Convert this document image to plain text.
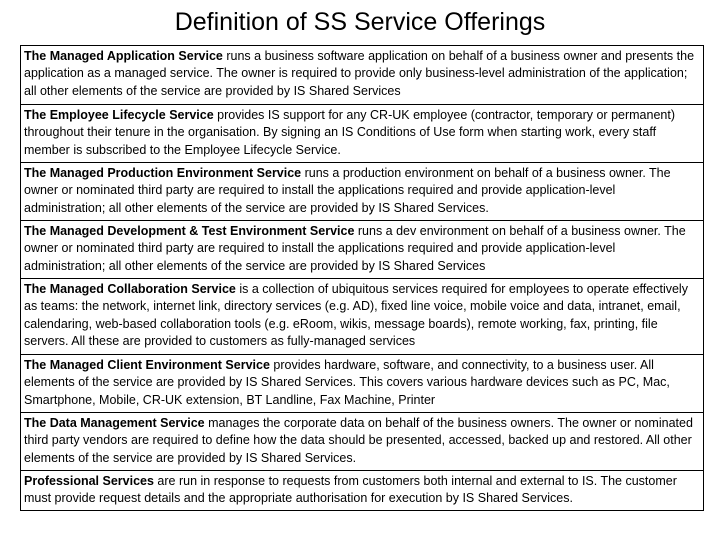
Definition of SS Service Offerings
The Managed Application Service runs a business software application on behalf of a business owner and presents the application as a managed service. The owner is required to provide only business-level administration of the application; all other elements of the service are provided by IS Shared Services
The Employee Lifecycle Service provides IS support for any CR-UK employee (contractor, temporary or permanent) throughout their tenure in the organisation. By signing an IS Conditions of Use form when starting work, every staff member is subscribed to the Employee Lifecycle Service.
The Managed Production Environment Service runs a production environment on behalf of a business owner. The owner or nominated third party are required to install the applications required and provide application-level administration; all other elements of the service are provided by IS Shared Services.
The Managed Development & Test Environment Service runs a dev environment on behalf of a business owner. The owner or nominated third party are required to install the applications required and provide application-level administration; all other elements of the service are provided by IS Shared Services
The Managed Collaboration Service is a collection of ubiquitous services required for employees to operate effectively as teams: the network, internet link, directory services (e.g. AD), fixed line voice, mobile voice and data, intranet, email, calendaring, web-based collaboration tools (e.g. eRoom, wikis, message boards), remote working, fax, printing, file servers. All these are provided to customers as fully-managed services
The Managed Client Environment Service provides hardware, software, and connectivity, to a business user. All elements of the service are provided by IS Shared Services. This covers various hardware devices such as PC, Mac, Smartphone, Mobile, CR-UK extension, BT Landline, Fax Machine, Printer
The Data Management Service manages the corporate data on behalf of the business owners. The owner or nominated third party vendors are required to define how the data should be presented, accessed, backed up and restored. All other elements of the service are provided by IS Shared Services.
Professional Services are run in response to requests from customers both internal and external to IS. The customer must provide request details and the appropriate authorisation for execution by IS Shared Services.
